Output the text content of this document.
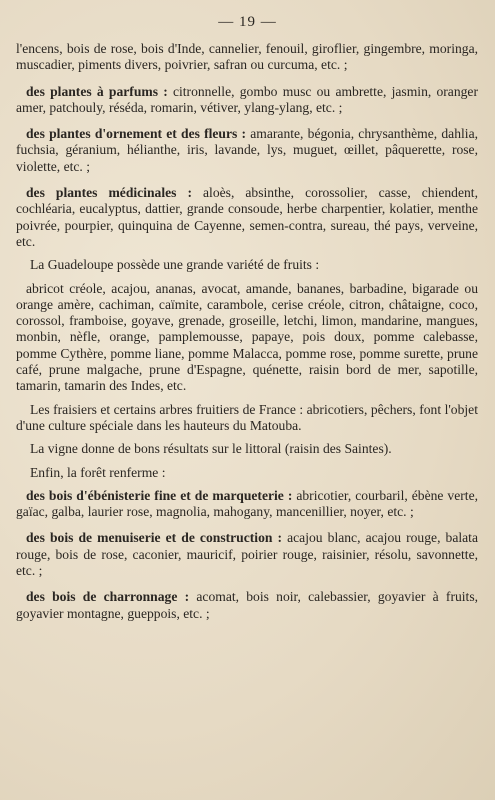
— 19 —

l'encens, bois de rose, bois d'Inde, cannelier, fenouil, giroflier, gingembre, moringa, muscadier, piments divers, poivrier, safran ou curcuma, etc. ;

des plantes à parfums : citronnelle, gombo musc ou ambrette, jasmin, oranger amer, patchouly, réséda, romarin, vétiver, ylang-ylang, etc. ;

des plantes d'ornement et des fleurs : amarante, bégonia, chrysanthème, dahlia, fuchsia, géranium, hélianthe, iris, lavande, lys, muguet, œillet, pâquerette, rose, violette, etc. ;

des plantes médicinales : aloès, absinthe, corossolier, casse, chiendent, cochléaria, eucalyptus, dattier, grande consoude, herbe charpentier, kolatier, menthe poivrée, pourpier, quinquina de Cayenne, semen-contra, sureau, thé pays, verveine, etc.

La Guadeloupe possède une grande variété de fruits :

abricot créole, acajou, ananas, avocat, amande, bananes, barbadine, bigarade ou orange amère, cachiman, caïmite, carambole, cerise créole, citron, châtaigne, coco, corossol, framboise, goyave, grenade, groseille, letchi, limon, mandarine, mangues, monbin, nèfle, orange, pamplemousse, papaye, pois doux, pomme calebasse, pomme Cythère, pomme liane, pomme Malacca, pomme rose, pomme surette, prune café, prune malgache, prune d'Espagne, quénette, raisin bord de mer, sapotille, tamarin, tamarin des Indes, etc.

Les fraisiers et certains arbres fruitiers de France : abricotiers, pêchers, font l'objet d'une culture spéciale dans les hauteurs du Matouba.

La vigne donne de bons résultats sur le littoral (raisin des Saintes).

Enfin, la forêt renferme :

des bois d'ébénisterie fine et de marqueterie : abricotier, courbaril, ébène verte, gaïac, galba, laurier rose, magnolia, mahogany, mancenillier, noyer, etc. ;

des bois de menuiserie et de construction : acajou blanc, acajou rouge, balata rouge, bois de rose, caconier, mauricif, poirier rouge, raisinier, résolu, savonnette, etc. ;

des bois de charronnage : acomat, bois noir, calebassier, goyavier à fruits, goyavier montagne, gueppois, etc. ;
